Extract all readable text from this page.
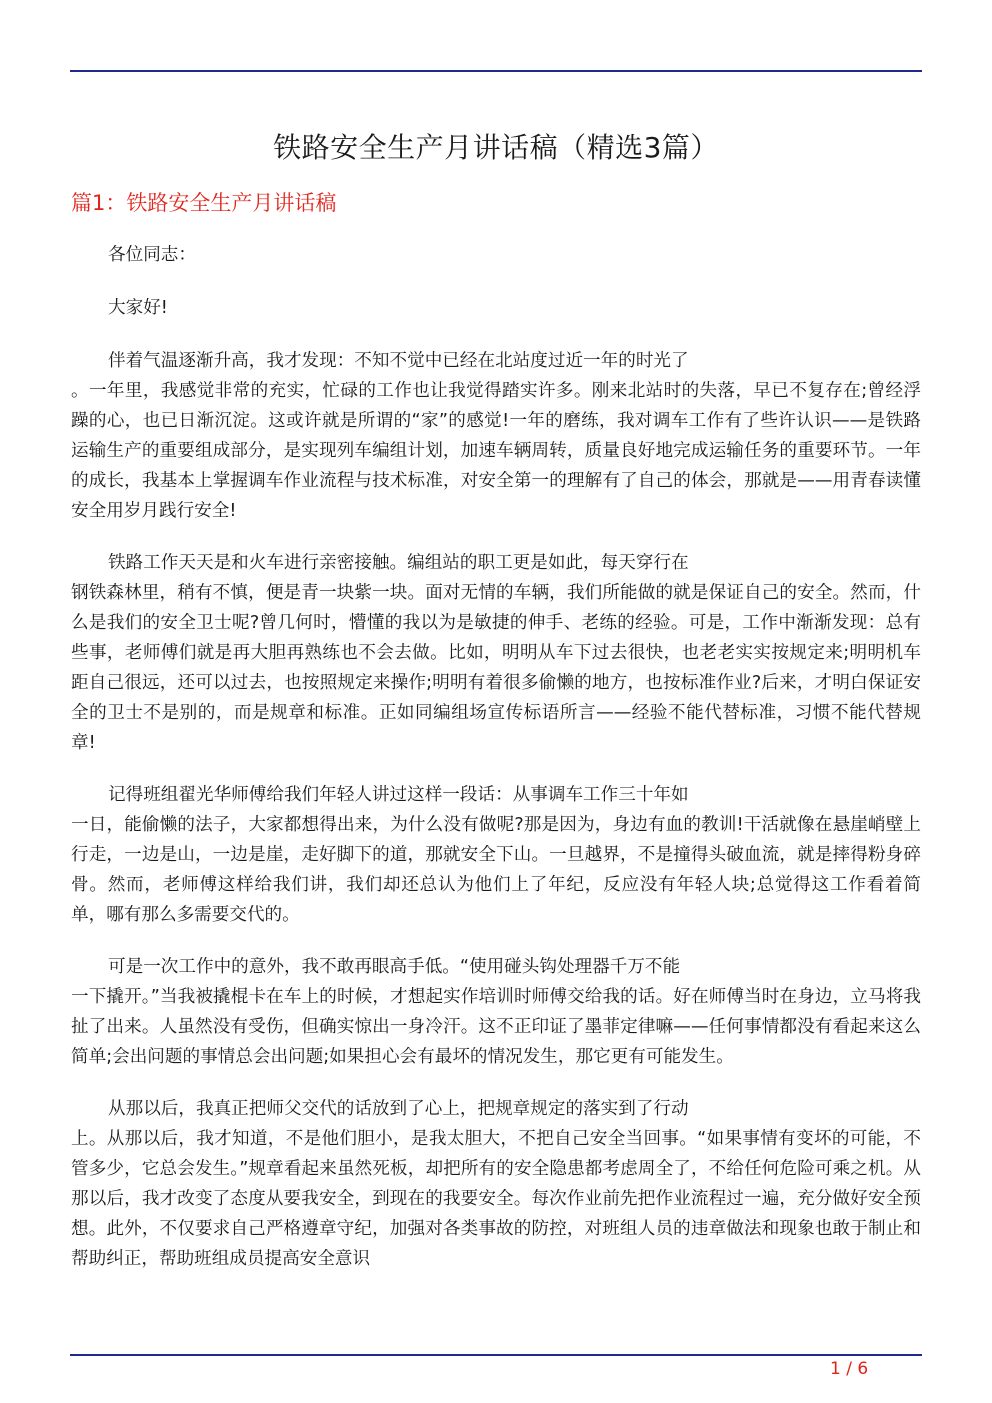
铁路安全生产月讲话稿（精选3篇）
篇1：铁路安全生产月讲话稿

各位同志：

大家好!

伴着气温逐渐升高，我才发现：不知不觉中已经在北站度过近一年的时光了
。一年里，我感觉非常的充实，忙碌的工作也让我觉得踏实许多。刚来北站时的失落，早已不复存在;曾经浮躁的心，也已日渐沉淀。这或许就是所谓的“家”的感觉!一年的磨练，我对调车工作有了些许认识——是铁路运输生产的重要组成部分，是实现列车编组计划，加速车辆周转，质量良好地完成运输任务的重要环节。一年的成长，我基本上掌握调车作业流程与技术标准，对安全第一的理解有了自己的体会，那就是——用青春读懂安全用岁月践行安全!

铁路工作天天是和火车进行亲密接触。编组站的职工更是如此，每天穿行在
钢铁森林里，稍有不慎，便是青一块紫一块。面对无情的车辆，我们所能做的就是保证自己的安全。然而，什么是我们的安全卫士呢?曾几何时，懵懂的我以为是敏捷的伸手、老练的经验。可是，工作中渐渐发现：总有些事，老师傅们就是再大胆再熟练也不会去做。比如，明明从车下过去很快，也老老实实按规定来;明明机车距自己很远，还可以过去，也按照规定来操作;明明有着很多偷懒的地方，也按标准作业?后来，才明白保证安全的卫士不是别的，而是规章和标准。正如同编组场宣传标语所言——经验不能代替标准，习惯不能代替规章!

记得班组翟光华师傅给我们年轻人讲过这样一段话：从事调车工作三十年如
一日，能偷懒的法子，大家都想得出来，为什么没有做呢?那是因为，身边有血的教训!干活就像在悬崖峭壁上行走，一边是山，一边是崖，走好脚下的道，那就安全下山。一旦越界，不是撞得头破血流，就是摔得粉身碎骨。然而，老师傅这样给我们讲，我们却还总认为他们上了年纪，反应没有年轻人块;总觉得这工作看着简单，哪有那么多需要交代的。

可是一次工作中的意外，我不敢再眼高手低。“使用碰头钩处理器千万不能
一下撬开。”当我被撬棍卡在车上的时候，才想起实作培训时师傅交给我的话。好在师傅当时在身边，立马将我扯了出来。人虽然没有受伤，但确实惊出一身冷汗。这不正印证了墨菲定律嘛——任何事情都没有看起来这么简单;会出问题的事情总会出问题;如果担心会有最坏的情况发生，那它更有可能发生。

从那以后，我真正把师父交代的话放到了心上，把规章规定的落实到了行动
上。从那以后，我才知道，不是他们胆小，是我太胆大，不把自己安全当回事。“如果事情有变坏的可能，不管多少，它总会发生。”规章看起来虽然死板，却把所有的安全隐患都考虑周全了，不给任何危险可乘之机。从那以后，我才改变了态度从要我安全，到现在的我要安全。每次作业前先把作业流程过一遍，充分做好安全预想。此外，不仅要求自己严格遵章守纪，加强对各类事故的防控，对班组人员的违章做法和现象也敢于制止和帮助纠正，帮助班组成员提高安全意识

1 / 6
